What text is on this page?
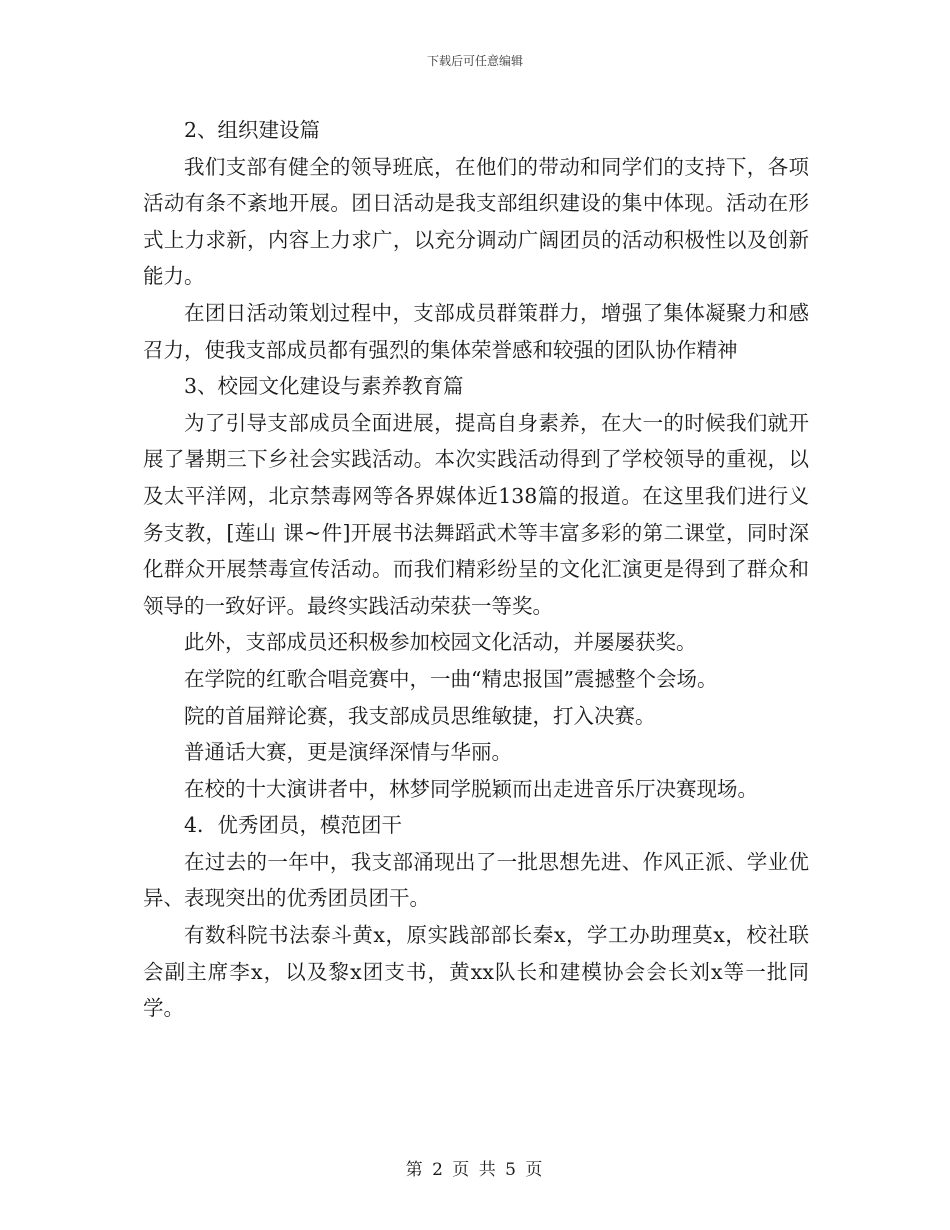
下载后可任意编辑

2、组织建设篇

我们支部有健全的领导班底，在他们的带动和同学们的支持下，各项活动有条不紊地开展。团日活动是我支部组织建设的集中体现。活动在形式上力求新，内容上力求广，以充分调动广阔团员的活动积极性以及创新能力。

在团日活动策划过程中，支部成员群策群力，增强了集体凝聚力和感召力，使我支部成员都有强烈的集体荣誉感和较强的团队协作精神

3、校园文化建设与素养教育篇

为了引导支部成员全面进展，提高自身素养，在大一的时候我们就开展了暑期三下乡社会实践活动。本次实践活动得到了学校领导的重视，以及太平洋网，北京禁毒网等各界媒体近138篇的报道。在这里我们进行义务支教，[莲山 课~件]开展书法舞蹈武术等丰富多彩的第二课堂，同时深化群众开展禁毒宣传活动。而我们精彩纷呈的文化汇演更是得到了群众和领导的一致好评。最终实践活动荣获一等奖。

此外，支部成员还积极参加校园文化活动，并屡屡获奖。

在学院的红歌合唱竞赛中，一曲“精忠报国”震撼整个会场。

院的首届辩论赛，我支部成员思维敏捷，打入决赛。

普通话大赛，更是演绎深情与华丽。

在校的十大演讲者中，林梦同学脱颖而出走进音乐厅决赛现场。

4．优秀团员，模范团干

在过去的一年中，我支部涌现出了一批思想先进、作风正派、学业优异、表现突出的优秀团员团干。

有数科院书法泰斗黄x，原实践部部长秦x，学工办助理莫x，校社联会副主席李x，以及黎x团支书，黄xx队长和建模协会会长刘x等一批同学。

第 2 页 共 5 页
